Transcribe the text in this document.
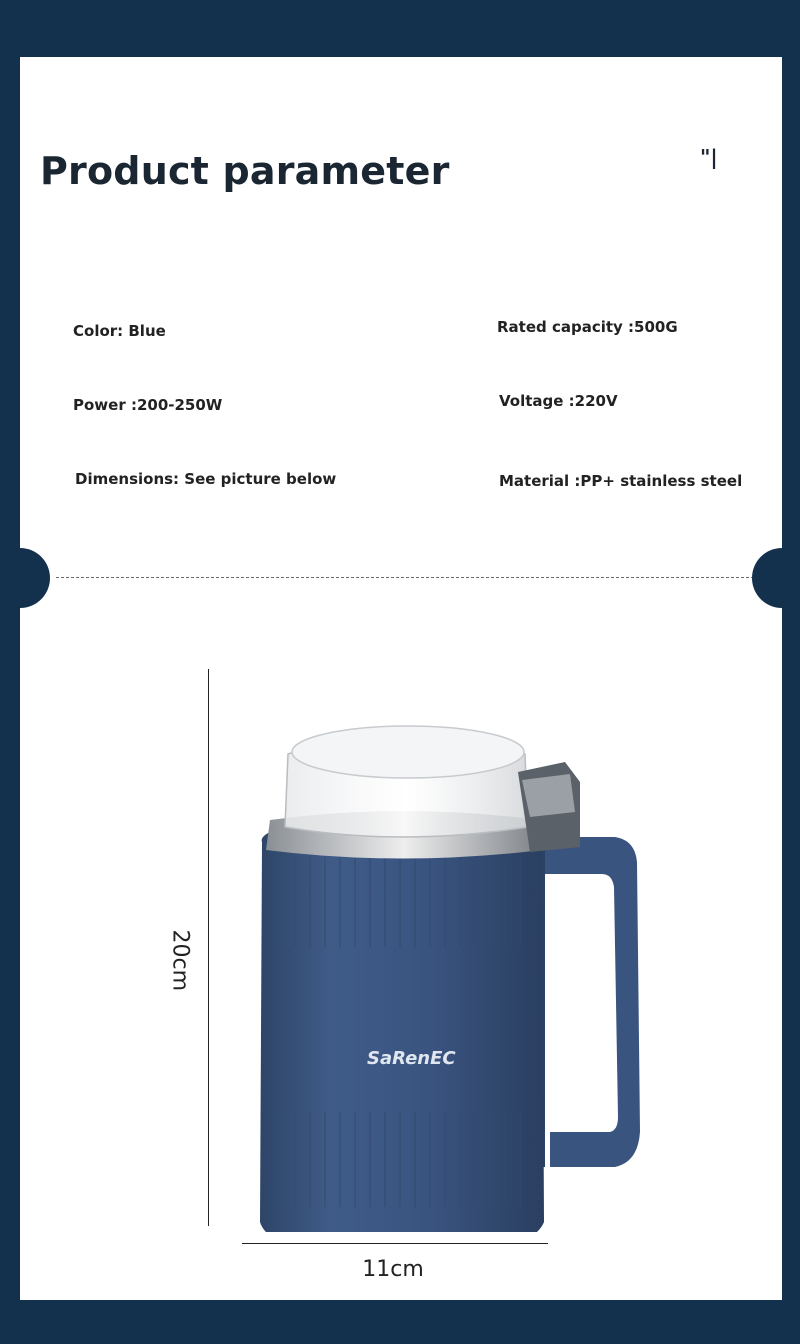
Product parameter	"|
Color: Blue	Rated capacity :500G
Power :200-250W	Voltage :220V
Dimensions: See picture below	Material :PP+ stainless steel
20cm
11cm
SaRenEC
